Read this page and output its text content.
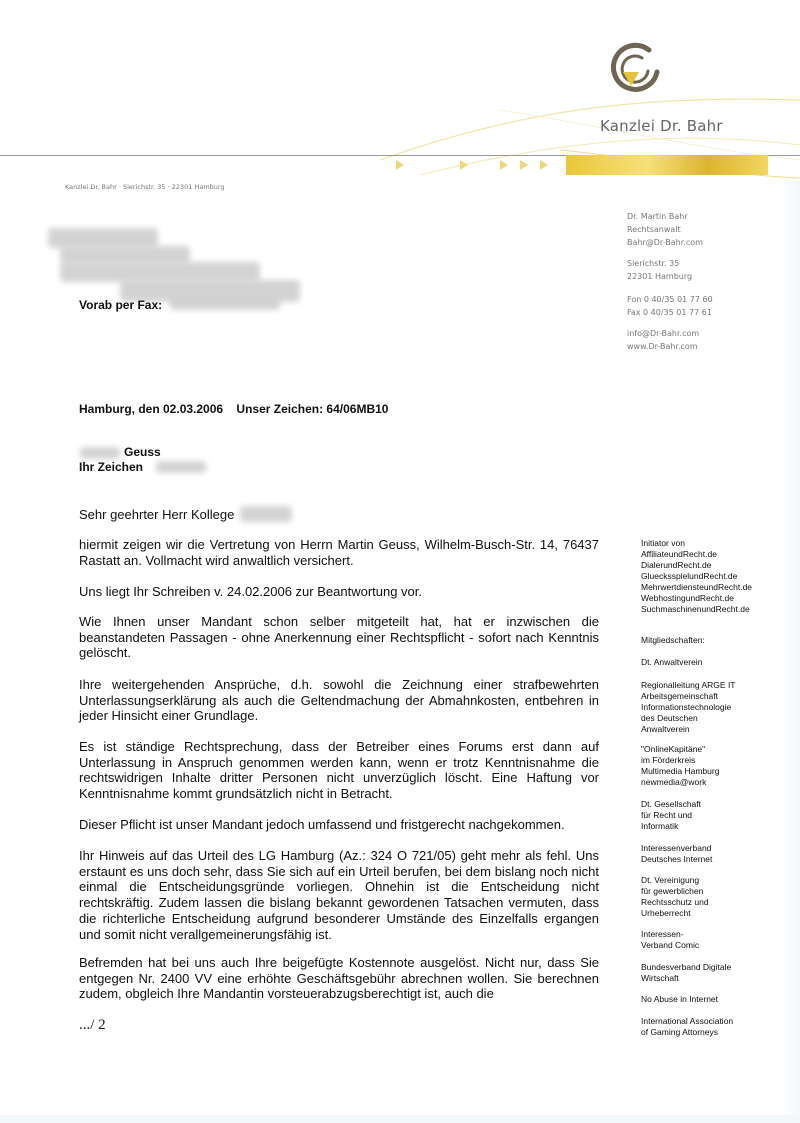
Kanzlei Dr. Bahr
Kanzlei Dr. Bahr · Sierichstr. 35 · 22301 Hamburg
Vorab per Fax:
Dr. Martin Bahr
Rechtsanwalt
Bahr@Dr-Bahr.com
Sierichstr. 35
22301 Hamburg
Fon 0 40/35 01 77 60
Fax 0 40/35 01 77 61
info@Dr-Bahr.com
www.Dr-Bahr.com
Hamburg, den 02.03.2006    Unser Zeichen: 64/06MB10
Geuss
Ihr Zeichen
Sehr geehrter Herr Kollege

hiermit zeigen wir die Vertretung von Herrn Martin Geuss, Wilhelm-Busch-Str. 14, 76437 Rastatt an. Vollmacht wird anwaltlich versichert.

Uns liegt Ihr Schreiben v. 24.02.2006 zur Beantwortung vor.

Wie Ihnen unser Mandant schon selber mitgeteilt hat, hat er inzwischen die beanstandeten Passagen - ohne Anerkennung einer Rechtspflicht - sofort nach Kenntnis gelöscht.

Ihre weitergehenden Ansprüche, d.h. sowohl die Zeichnung einer strafbewehrten Unterlassungserklärung als auch die Geltendmachung der Abmahnkosten, entbehren in jeder Hinsicht einer Grundlage.

Es ist ständige Rechtsprechung, dass der Betreiber eines Forums erst dann auf Unterlassung in Anspruch genommen werden kann, wenn er trotz Kenntnisnahme die rechtswidrigen Inhalte dritter Personen nicht unverzüglich löscht. Eine Haftung vor Kenntnisnahme kommt grundsätzlich nicht in Betracht.

Dieser Pflicht ist unser Mandant jedoch umfassend und fristgerecht nachgekommen.

Ihr Hinweis auf das Urteil des LG Hamburg (Az.: 324 O 721/05) geht mehr als fehl. Uns erstaunt es uns doch sehr, dass Sie sich auf ein Urteil berufen, bei dem bislang noch nicht einmal die Entscheidungsgründe vorliegen. Ohnehin ist die Entscheidung nicht rechtskräftig. Zudem lassen die bislang bekannt gewordenen Tatsachen vermuten, dass die richterliche Entscheidung aufgrund besonderer Umstände des Einzelfalls ergangen und somit nicht verallgemeinerungsfähig ist.

Befremden hat bei uns auch Ihre beigefügte Kostennote ausgelöst. Nicht nur, dass Sie entgegen Nr. 2400 VV eine erhöhte Geschäftsgebühr abrechnen wollen. Sie berechnen zudem, obgleich Ihre Mandantin vorsteuerabzugsberechtigt ist, auch die

.../ 2
Initiator von
AffiliateundRecht.de
DialerundRecht.de
GluecksspielundRecht.de
MehrwertdiensteundRecht.de
WebhostingundRecht.de
SuchmaschinenundRecht.de
Mitgliedschaften:
Dt. Anwaltverein
Regionalleitung ARGE IT
Arbeitsgemeinschaft
Informationstechnologie
des Deutschen
Anwaltverein
"OnlineKapitäne"
im Förderkreis
Multimedia Hamburg
newmedia@work
Dt. Gesellschaft
für Recht und
Informatik
Interessenverband
Deutsches Internet
Dt. Vereinigung
für gewerblichen
Rechtsschutz und
Urheberrecht
Interessen-
Verband Comic
Bundesverband Digitale
Wirtschaft
No Abuse in Internet
International Association
of Gaming Attorneys
